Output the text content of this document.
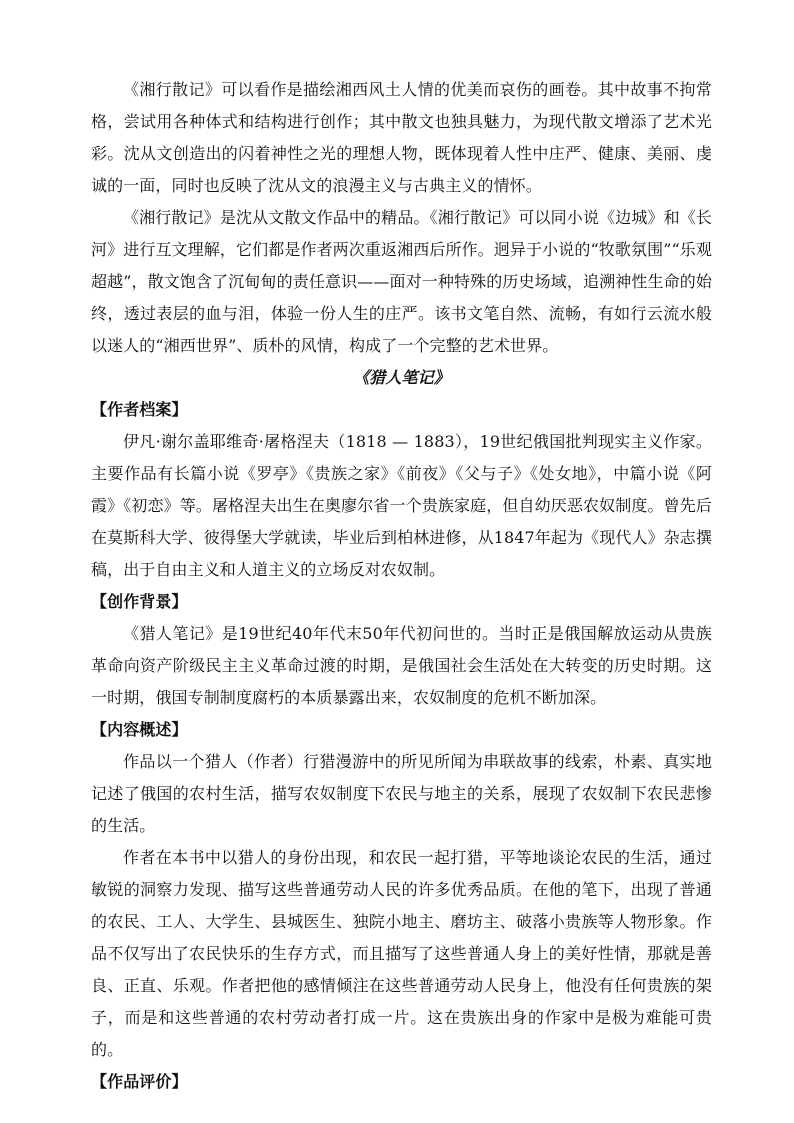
《湘行散记》可以看作是描绘湘西风土人情的优美而哀伤的画卷。其中故事不拘常格，尝试用各种体式和结构进行创作；其中散文也独具魅力，为现代散文增添了艺术光彩。沈从文创造出的闪着神性之光的理想人物，既体现着人性中庄严、健康、美丽、虔诚的一面，同时也反映了沈从文的浪漫主义与古典主义的情怀。

《湘行散记》是沈从文散文作品中的精品。《湘行散记》可以同小说《边城》和《长河》进行互文理解，它们都是作者两次重返湘西后所作。迥异于小说的“牧歌氛围”“乐观超越”，散文饱含了沉甸甸的责任意识——面对一种特殊的历史场域，追溯神性生命的始终，透过表层的血与泪，体验一份人生的庄严。该书文笔自然、流畅，有如行云流水般以迷人的“湘西世界”、质朴的风情，构成了一个完整的艺术世界。

《猎人笔记》

【作者档案】

伊凡·谢尔盖耶维奇·屠格涅夫（1818 — 1883），19世纪俄国批判现实主义作家。主要作品有长篇小说《罗亭》《贵族之家》《前夜》《父与子》《处女地》，中篇小说《阿霞》《初恋》等。屠格涅夫出生在奥廖尔省一个贵族家庭，但自幼厌恶农奴制度。曾先后在莫斯科大学、彼得堡大学就读，毕业后到柏林进修，从1847年起为《现代人》杂志撰稿，出于自由主义和人道主义的立场反对农奴制。

【创作背景】

《猎人笔记》是19世纪40年代末50年代初问世的。当时正是俄国解放运动从贵族革命向资产阶级民主主义革命过渡的时期，是俄国社会生活处在大转变的历史时期。这一时期，俄国专制制度腐朽的本质暴露出来，农奴制度的危机不断加深。

【内容概述】

作品以一个猎人（作者）行猎漫游中的所见所闻为串联故事的线索，朴素、真实地记述了俄国的农村生活，描写农奴制度下农民与地主的关系，展现了农奴制下农民悲惨的生活。

作者在本书中以猎人的身份出现，和农民一起打猎，平等地谈论农民的生活，通过敏锐的洞察力发现、描写这些普通劳动人民的许多优秀品质。在他的笔下，出现了普通的农民、工人、大学生、县城医生、独院小地主、磨坊主、破落小贵族等人物形象。作品不仅写出了农民快乐的生存方式，而且描写了这些普通人身上的美好性情，那就是善良、正直、乐观。作者把他的感情倾注在这些普通劳动人民身上，他没有任何贵族的架子，而是和这些普通的农村劳动者打成一片。这在贵族出身的作家中是极为难能可贵的。

【作品评价】
